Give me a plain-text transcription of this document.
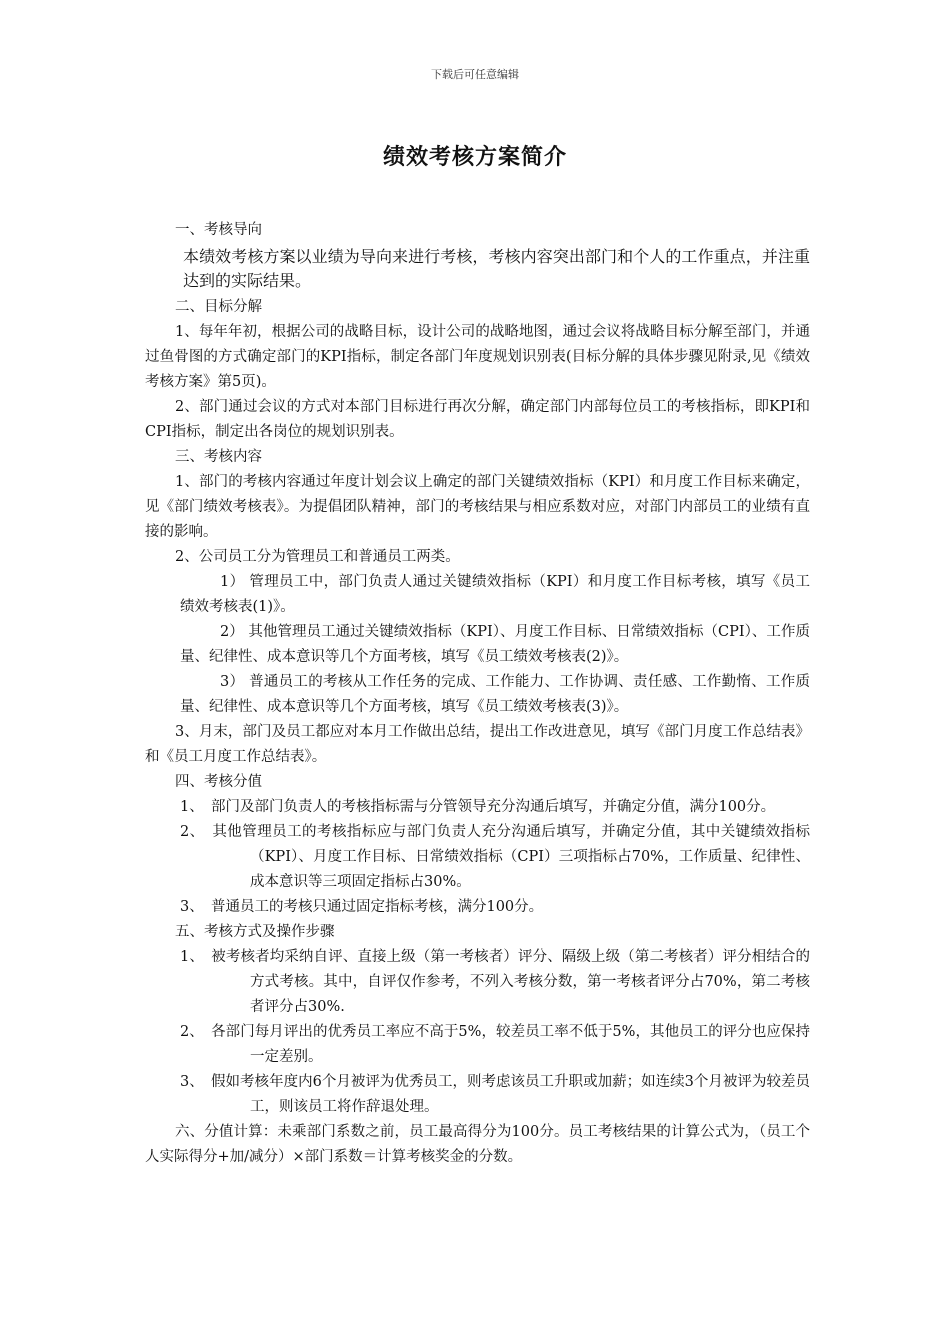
下载后可任意编辑
绩效考核方案简介

一、考核导向

本绩效考核方案以业绩为导向来进行考核，考核内容突出部门和个人的工作重点，并注重达到的实际结果。

二、目标分解

1、每年年初，根据公司的战略目标，设计公司的战略地图，通过会议将战略目标分解至部门，并通过鱼骨图的方式确定部门的KPI指标，制定各部门年度规划识别表(目标分解的具体步骤见附录,见《绩效考核方案》第5页)。

2、部门通过会议的方式对本部门目标进行再次分解，确定部门内部每位员工的考核指标，即KPI和CPI指标，制定出各岗位的规划识别表。

三、考核内容

1、部门的考核内容通过年度计划会议上确定的部门关键绩效指标（KPI）和月度工作目标来确定，见《部门绩效考核表》。为提倡团队精神，部门的考核结果与相应系数对应，对部门内部员工的业绩有直接的影响。

2、公司员工分为管理员工和普通员工两类。

1） 管理员工中，部门负责人通过关键绩效指标（KPI）和月度工作目标考核，填写《员工绩效考核表(1)》。

2） 其他管理员工通过关键绩效指标（KPI）、月度工作目标、日常绩效指标（CPI）、工作质量、纪律性、成本意识等几个方面考核，填写《员工绩效考核表(2)》。

3） 普通员工的考核从工作任务的完成、工作能力、工作协调、责任感、工作勤惰、工作质量、纪律性、成本意识等几个方面考核，填写《员工绩效考核表(3)》。

3、月末，部门及员工都应对本月工作做出总结，提出工作改进意见，填写《部门月度工作总结表》和《员工月度工作总结表》。

四、考核分值

1、　部门及部门负责人的考核指标需与分管领导充分沟通后填写，并确定分值，满分100分。

2、　其他管理员工的考核指标应与部门负责人充分沟通后填写，并确定分值，其中关键绩效指标（KPI）、月度工作目标、日常绩效指标（CPI）三项指标占70%，工作质量、纪律性、成本意识等三项固定指标占30%。

3、　普通员工的考核只通过固定指标考核，满分100分。

五、考核方式及操作步骤

1、　被考核者均采纳自评、直接上级（第一考核者）评分、隔级上级（第二考核者）评分相结合的方式考核。其中，自评仅作参考，不列入考核分数，第一考核者评分占70%，第二考核者评分占30%.

2、　各部门每月评出的优秀员工率应不高于5%，较差员工率不低于5%，其他员工的评分也应保持一定差别。

3、　假如考核年度内6个月被评为优秀员工，则考虑该员工升职或加薪；如连续3个月被评为较差员工，则该员工将作辞退处理。

六、分值计算：未乘部门系数之前，员工最高得分为100分。员工考核结果的计算公式为，（员工个人实际得分+加/减分）×部门系数＝计算考核奖金的分数。
